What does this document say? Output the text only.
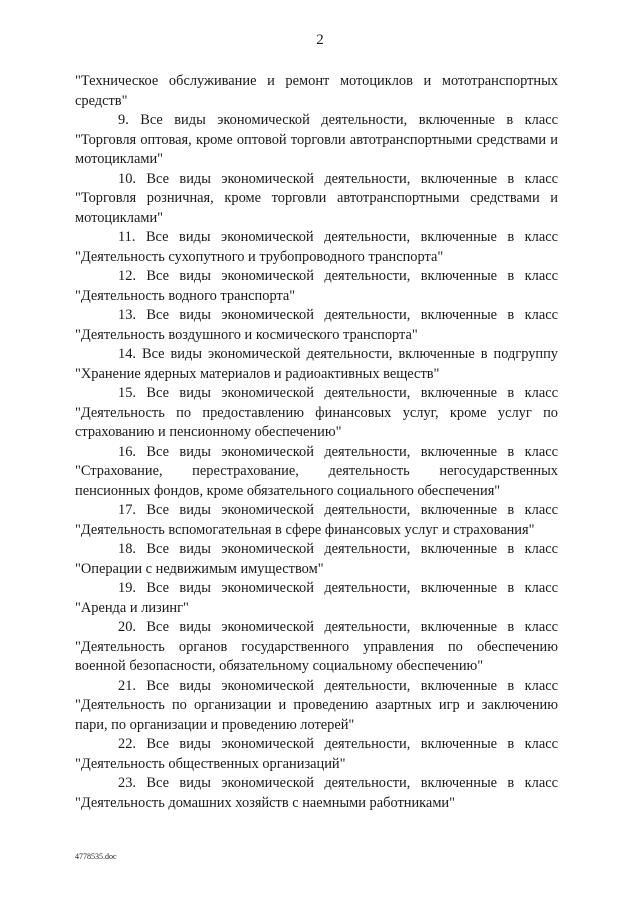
2

"Техническое обслуживание и ремонт мотоциклов и мототранспортных средств"

9. Все виды экономической деятельности, включенные в класс "Торговля оптовая, кроме оптовой торговли автотранспортными средствами и мотоциклами"

10. Все виды экономической деятельности, включенные в класс "Торговля розничная, кроме торговли автотранспортными средствами и мотоциклами"

11. Все виды экономической деятельности, включенные в класс "Деятельность сухопутного и трубопроводного транспорта"

12. Все виды экономической деятельности, включенные в класс "Деятельность водного транспорта"

13. Все виды экономической деятельности, включенные в класс "Деятельность воздушного и космического транспорта"

14. Все виды экономической деятельности, включенные в подгруппу "Хранение ядерных материалов и радиоактивных веществ"

15. Все виды экономической деятельности, включенные в класс "Деятельность по предоставлению финансовых услуг, кроме услуг по страхованию и пенсионному обеспечению"

16. Все виды экономической деятельности, включенные в класс "Страхование, перестрахование, деятельность негосударственных пенсионных фондов, кроме обязательного социального обеспечения"

17. Все виды экономической деятельности, включенные в класс "Деятельность вспомогательная в сфере финансовых услуг и страхования"

18. Все виды экономической деятельности, включенные в класс "Операции с недвижимым имуществом"

19. Все виды экономической деятельности, включенные в класс "Аренда и лизинг"

20. Все виды экономической деятельности, включенные в класс "Деятельность органов государственного управления по обеспечению военной безопасности, обязательному социальному обеспечению"

21. Все виды экономической деятельности, включенные в класс "Деятельность по организации и проведению азартных игр и заключению пари, по организации и проведению лотерей"

22. Все виды экономической деятельности, включенные в класс "Деятельность общественных организаций"

23. Все виды экономической деятельности, включенные в класс "Деятельность домашних хозяйств с наемными работниками"

4778535.doc
